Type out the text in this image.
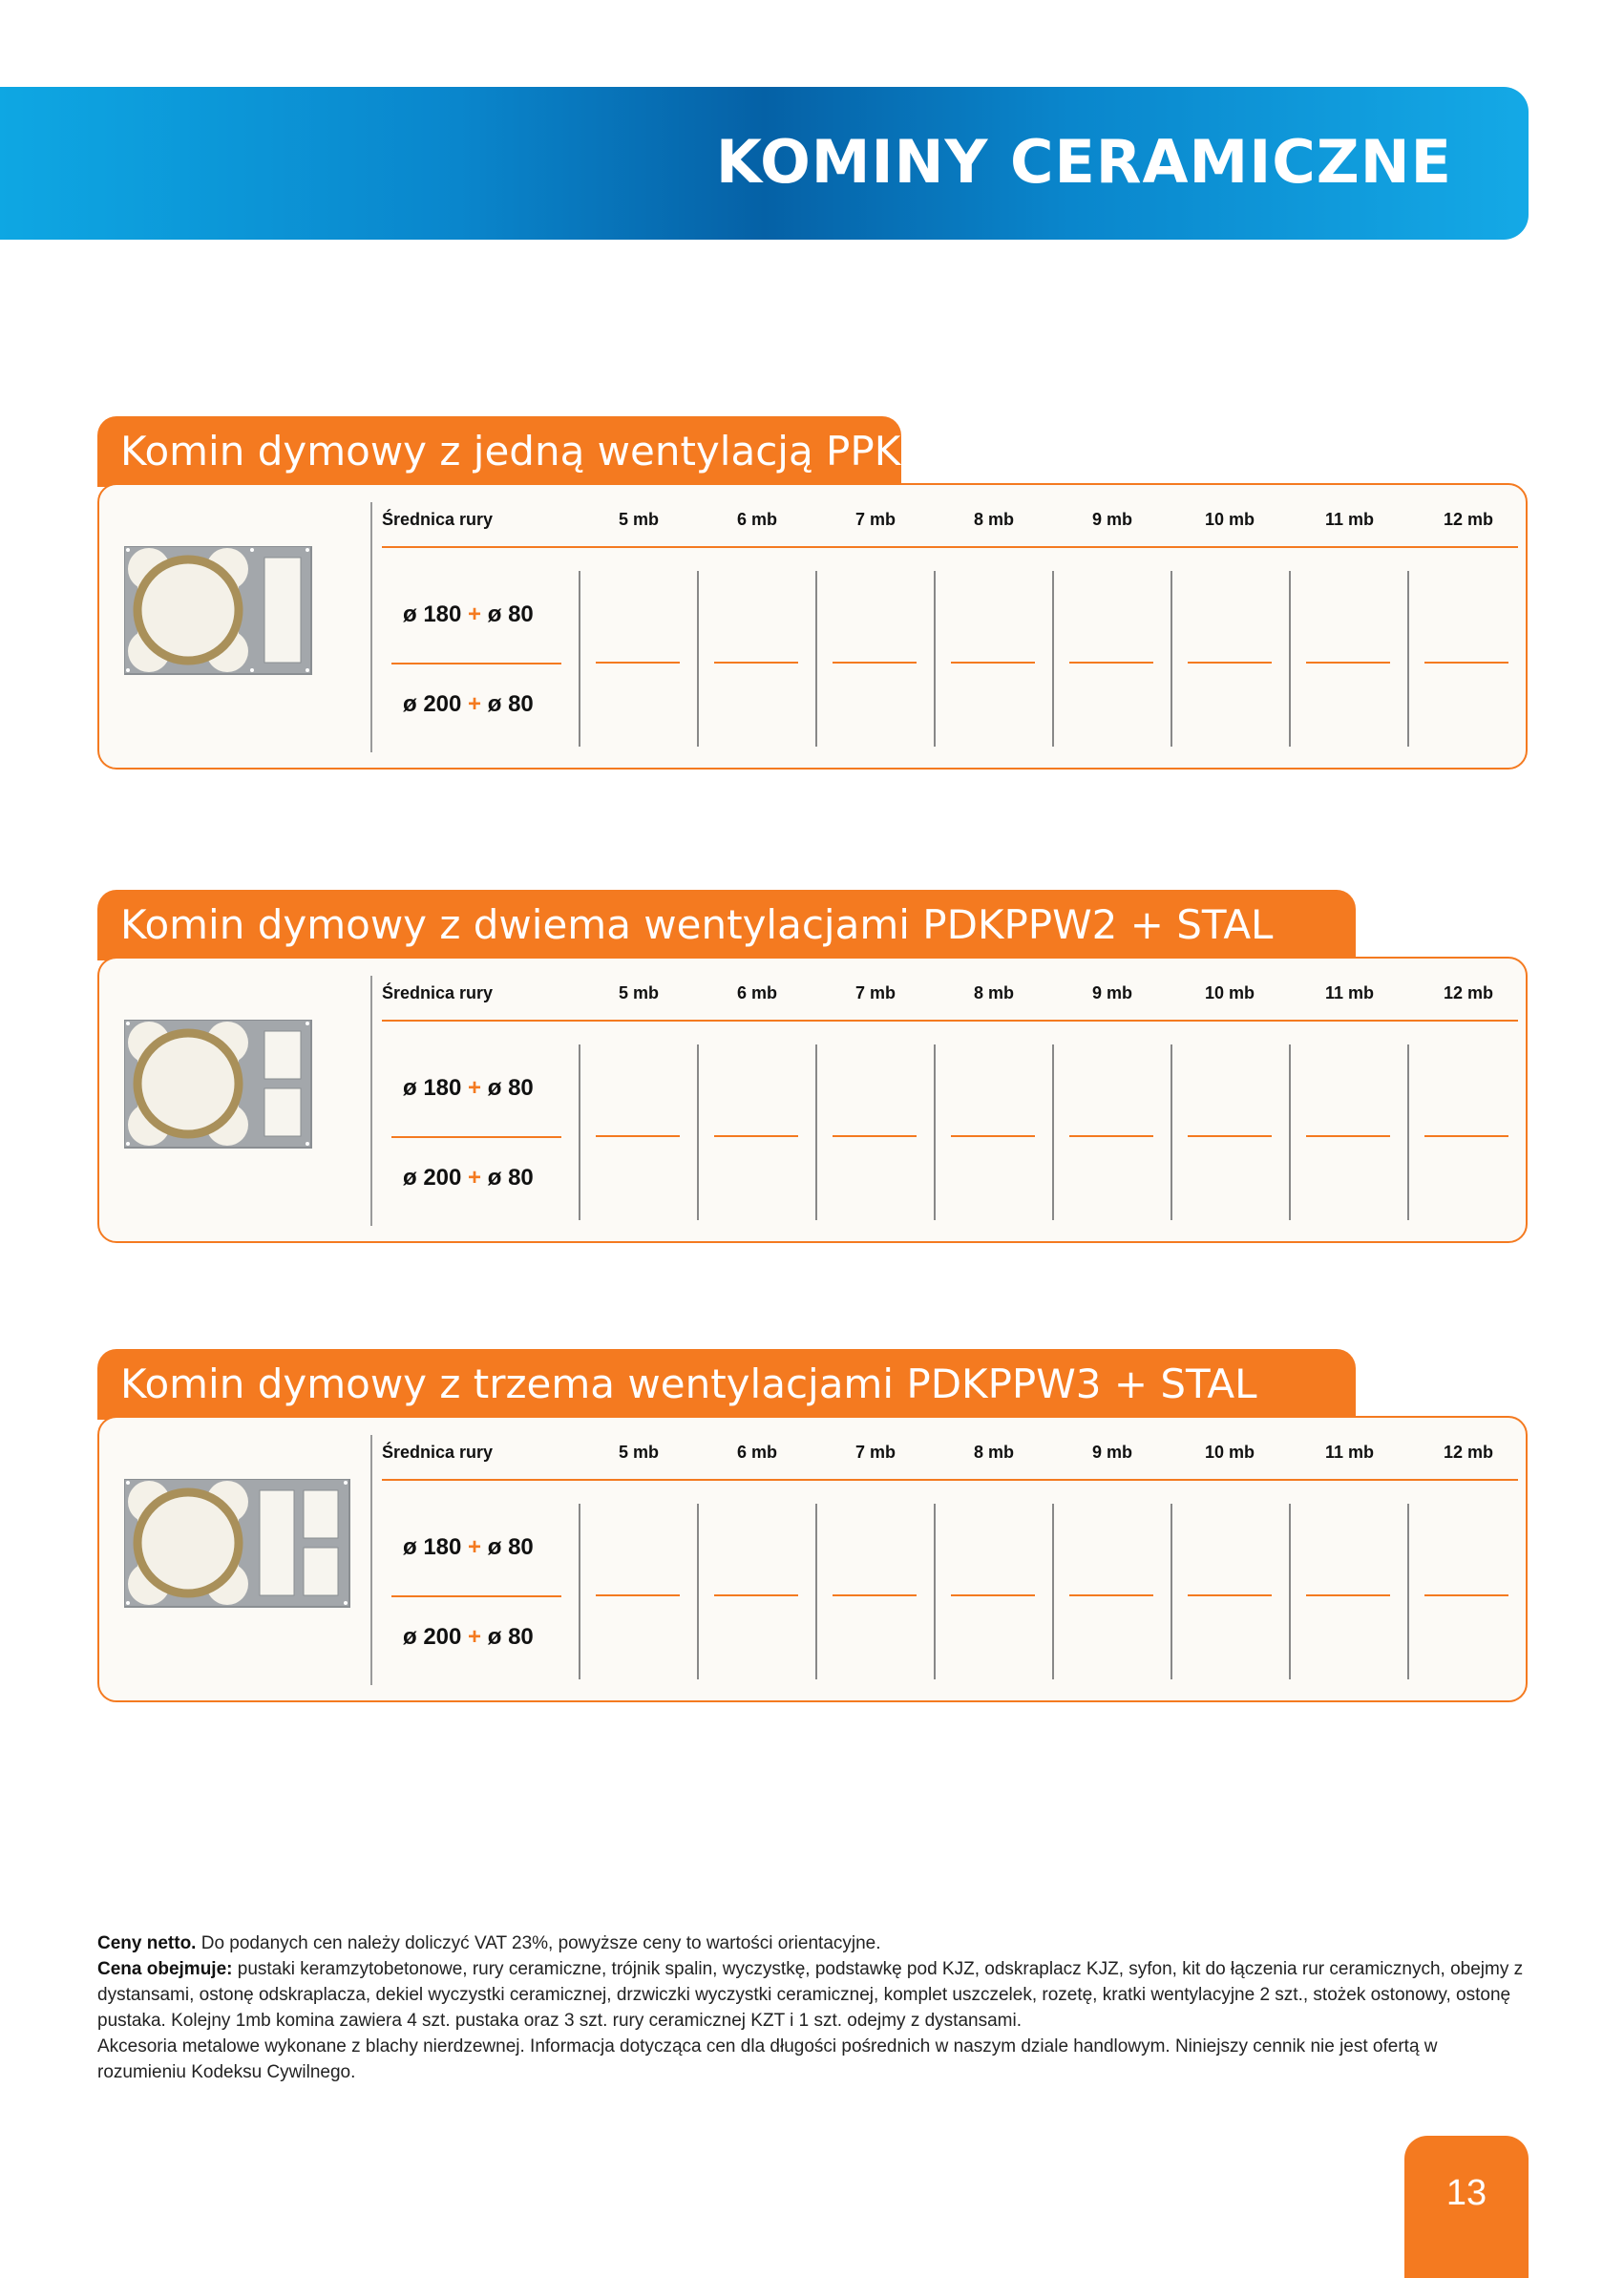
KOMINY CERAMICZNE
Komin dymowy z jedną wentylacją PPK
Średnica rury	5 mb	6 mb	7 mb	8 mb	9 mb	10 mb	11 mb	12 mb
ø 180 + ø 80
ø 200 + ø 80
Komin dymowy z dwiema wentylacjami PDKPPW2 + STAL
Średnica rury	5 mb	6 mb	7 mb	8 mb	9 mb	10 mb	11 mb	12 mb
ø 180 + ø 80
ø 200 + ø 80
Komin dymowy z trzema wentylacjami PDKPPW3 + STAL
Średnica rury	5 mb	6 mb	7 mb	8 mb	9 mb	10 mb	11 mb	12 mb
ø 180 + ø 80
ø 200 + ø 80
Ceny netto. Do podanych cen należy doliczyć VAT 23%, powyższe ceny to wartości orientacyjne.
Cena obejmuje: pustaki keramzytobetonowe, rury ceramiczne, trójnik spalin, wyczystkę, podstawkę pod KJZ, odskraplacz KJZ, syfon, kit do łączenia rur ceramicznych, obejmy z dystansami, ostonę odskraplacza, dekiel wyczystki ceramicznej, drzwiczki wyczystki ceramicznej, komplet uszczelek, rozetę, kratki wentylacyjne 2 szt., stożek ostonowy, ostonę pustaka. Kolejny 1mb komina zawiera 4 szt. pustaka oraz 3 szt. rury ceramicznej KZT i 1 szt. odejmy z dystansami.
Akcesoria metalowe wykonane z blachy nierdzewnej. Informacja dotycząca cen dla długości pośrednich w naszym dziale handlowym. Niniejszy cennik nie jest ofertą w rozumieniu Kodeksu Cywilnego.
13
